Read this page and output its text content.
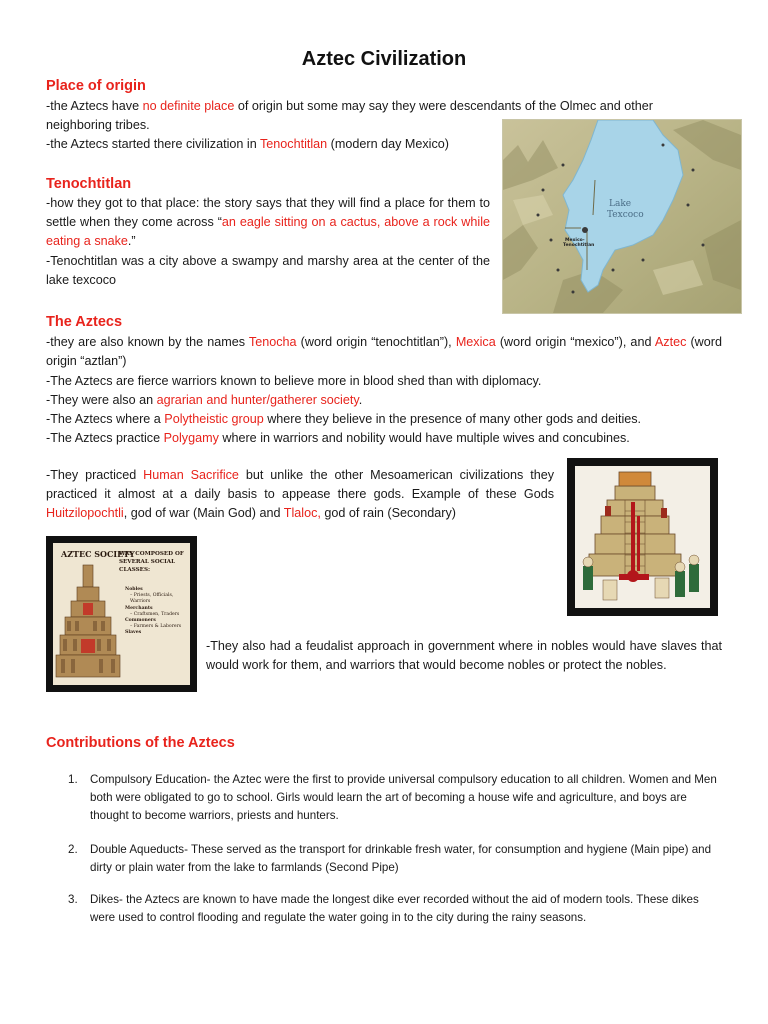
Aztec Civilization
Place of origin
-the Aztecs have no definite place of origin but some may say they were descendants of the Olmec and other neighboring tribes.
-the Aztecs started there civilization in Tenochtitlan (modern day Mexico)
Tenochtitlan
-how they got to that place: the story says that they will find a place for them to settle when they come across “an eagle sitting on a cactus, above a rock while eating a snake.”
-Tenochtitlan was a city above a swampy and marshy area at the center of the lake texcoco
Lake
Texcoco
Mexico-
Tenochtitlan
The Aztecs
-they are also known by the names Tenocha (word origin “tenochtitlan”), Mexica (word origin “mexico”), and Aztec (word origin “aztlan”)
-The Aztecs are fierce warriors known to believe more in blood shed than with diplomacy.
-They were also an agrarian and hunter/gatherer society.
-The Aztecs where a Polytheistic group where they believe in the presence of many other gods and deities.
-The Aztecs practice Polygamy where in warriors and nobility would have multiple wives and concubines.
-They practiced Human Sacrifice but unlike the other Mesoamerican civilizations they practiced it almost at a daily basis to appease there gods. Example of these Gods Huitzilopochtli, god of war (Main God) and Tlaloc, god of rain (Secondary)
AZTEC SOCIETY
WAS COMPOSED OF SEVERAL SOCIAL CLASSES:
Nobles
– Priests, Officials, Warriors
Merchants
– Craftsmen, Traders
Commoners
– Farmers & Laborers
Slaves
-They also had a feudalist approach in government where in nobles would have slaves that would work for them, and warriors that would become nobles or protect the nobles.
Contributions of the Aztecs
1. Compulsory Education- the Aztec were the first to provide universal compulsory education to all children. Women and Men both were obligated to go to school. Girls would learn the art of becoming a house wife and agriculture, and boys are thought to become warriors, priests and hunters.
2. Double Aqueducts- These served as the transport for drinkable fresh water, for consumption and hygiene (Main pipe) and dirty or plain water from the lake to farmlands (Second Pipe)
3. Dikes- the Aztecs are known to have made the longest dike ever recorded without the aid of modern tools. These dikes were used to control flooding and regulate the water going in to the city during the rainy seasons.
